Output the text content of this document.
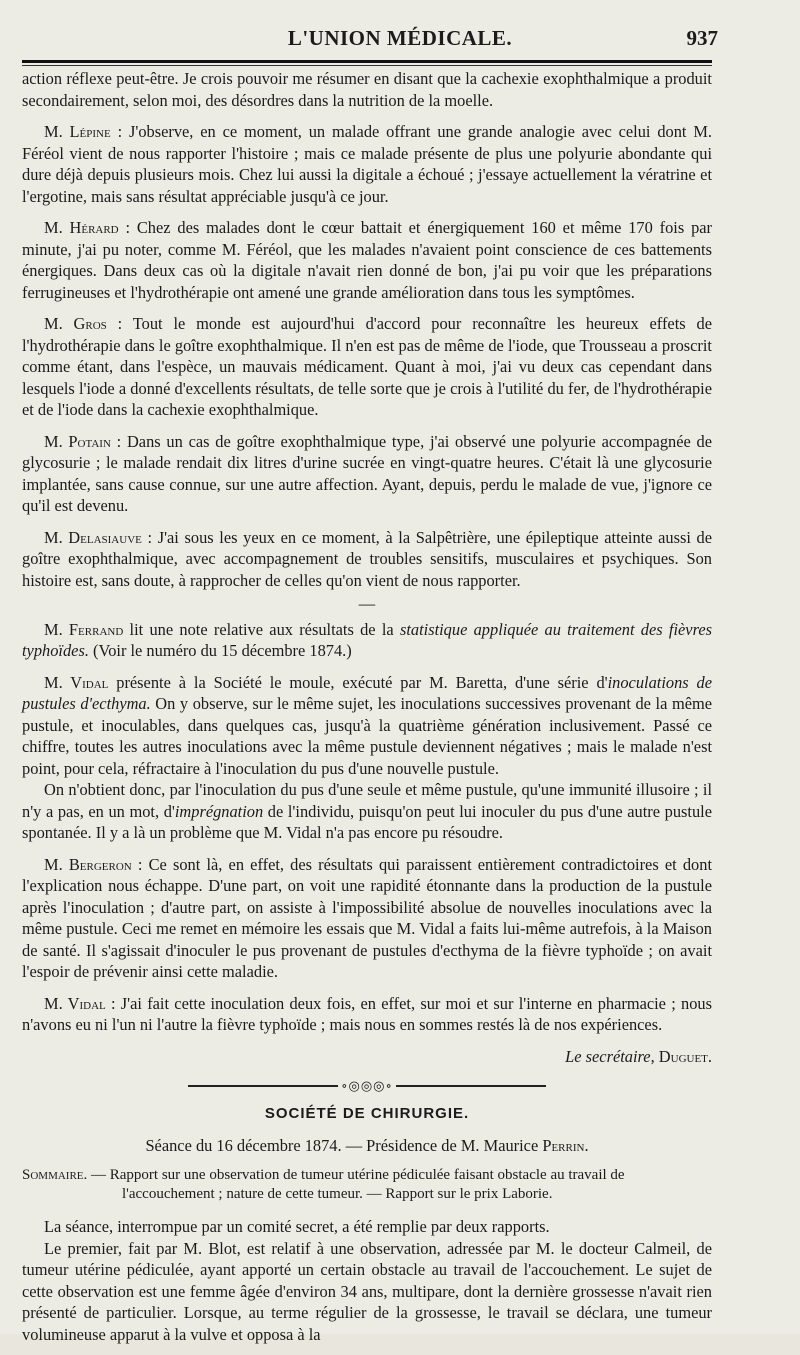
L'UNION MÉDICALE.	937

action réflexe peut-être. Je crois pouvoir me résumer en disant que la cachexie exophthalmique a produit secondairement, selon moi, des désordres dans la nutrition de la moelle.

M. Lépine : J'observe, en ce moment, un malade offrant une grande analogie avec celui dont M. Féréol vient de nous rapporter l'histoire ; mais ce malade présente de plus une polyurie abondante qui dure déjà depuis plusieurs mois. Chez lui aussi la digitale a échoué ; j'essaye actuellement la vératrine et l'ergotine, mais sans résultat appréciable jusqu'à ce jour.

M. Hérard : Chez des malades dont le cœur battait et énergiquement 160 et même 170 fois par minute, j'ai pu noter, comme M. Féréol, que les malades n'avaient point conscience de ces battements énergiques. Dans deux cas où la digitale n'avait rien donné de bon, j'ai pu voir que les préparations ferrugineuses et l'hydrothérapie ont amené une grande amélioration dans tous les symptômes.

M. Gros : Tout le monde est aujourd'hui d'accord pour reconnaître les heureux effets de l'hydrothérapie dans le goître exophthalmique. Il n'en est pas de même de l'iode, que Trousseau a proscrit comme étant, dans l'espèce, un mauvais médicament. Quant à moi, j'ai vu deux cas cependant dans lesquels l'iode a donné d'excellents résultats, de telle sorte que je crois à l'utilité du fer, de l'hydrothérapie et de l'iode dans la cachexie exophthalmique.

M. Potain : Dans un cas de goître exophthalmique type, j'ai observé une polyurie accompagnée de glycosurie ; le malade rendait dix litres d'urine sucrée en vingt-quatre heures. C'était là une glycosurie implantée, sans cause connue, sur une autre affection. Ayant, depuis, perdu le malade de vue, j'ignore ce qu'il est devenu.

M. Delasiauve : J'ai sous les yeux en ce moment, à la Salpêtrière, une épileptique atteinte aussi de goître exophthalmique, avec accompagnement de troubles sensitifs, musculaires et psychiques. Son histoire est, sans doute, à rapprocher de celles qu'on vient de nous rapporter.

—

M. Ferrand lit une note relative aux résultats de la statistique appliquée au traitement des fièvres typhoïdes. (Voir le numéro du 15 décembre 1874.)

M. Vidal présente à la Société le moule, exécuté par M. Baretta, d'une série d'inoculations de pustules d'ecthyma. On y observe, sur le même sujet, les inoculations successives provenant de la même pustule, et inoculables, dans quelques cas, jusqu'à la quatrième génération inclusivement. Passé ce chiffre, toutes les autres inoculations avec la même pustule deviennent négatives ; mais le malade n'est point, pour cela, réfractaire à l'inoculation du pus d'une nouvelle pustule.

On n'obtient donc, par l'inoculation du pus d'une seule et même pustule, qu'une immunité illusoire ; il n'y a pas, en un mot, d'imprégnation de l'individu, puisqu'on peut lui inoculer du pus d'une autre pustule spontanée. Il y a là un problème que M. Vidal n'a pas encore pu résoudre.

M. Bergeron : Ce sont là, en effet, des résultats qui paraissent entièrement contradictoires et dont l'explication nous échappe. D'une part, on voit une rapidité étonnante dans la production de la pustule après l'inoculation ; d'autre part, on assiste à l'impossibilité absolue de nouvelles inoculations avec la même pustule. Ceci me remet en mémoire les essais que M. Vidal a faits lui-même autrefois, à la Maison de santé. Il s'agissait d'inoculer le pus provenant de pustules d'ecthyma de la fièvre typhoïde ; on avait l'espoir de prévenir ainsi cette maladie.

M. Vidal : J'ai fait cette inoculation deux fois, en effet, sur moi et sur l'interne en pharmacie ; nous n'avons eu ni l'un ni l'autre la fièvre typhoïde ; mais nous en sommes restés là de nos expériences.

Le secrétaire, Duguet.

∘◎◎◎∘
SOCIÉTÉ DE CHIRURGIE.

Séance du 16 décembre 1874. — Présidence de M. Maurice Perrin.

Sommaire. — Rapport sur une observation de tumeur utérine pédiculée faisant obstacle au travail de
l'accouchement ; nature de cette tumeur. — Rapport sur le prix Laborie.

La séance, interrompue par un comité secret, a été remplie par deux rapports.

Le premier, fait par M. Blot, est relatif à une observation, adressée par M. le docteur Calmeil, de tumeur utérine pédiculée, ayant apporté un certain obstacle au travail de l'accouchement. Le sujet de cette observation est une femme âgée d'environ 34 ans, multipare, dont la dernière grossesse n'avait rien présenté de particulier. Lorsque, au terme régulier de la grossesse, le travail se déclara, une tumeur volumineuse apparut à la vulve et opposa à la
